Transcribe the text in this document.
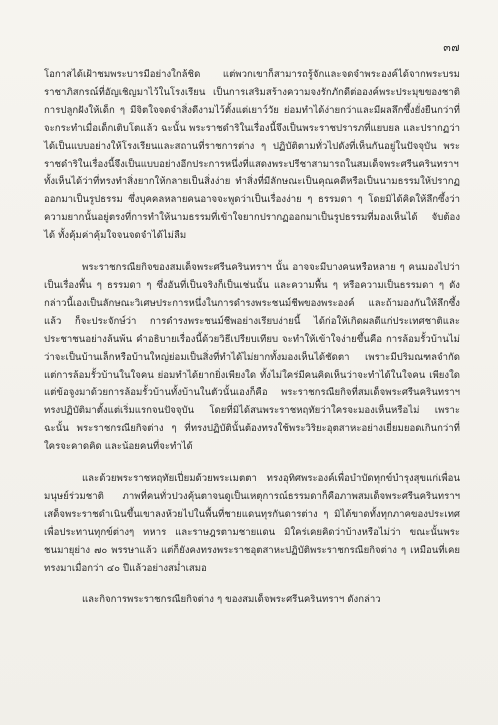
๓๗

โอกาสได้เฝ้าชมพระบารมีอย่างใกล้ชิด แต่พวกเขาก็สามารถรู้จักและจดจำพระองค์ได้จากพระบรมราชาภิสกรณ์ที่อัญเชิญมาไว้ในโรงเรียน เป็นการเสริมสร้างความจงรักภักดีต่อองค์พระประมุขของชาติ การปลูกฝังให้เด็ก ๆ มีจิตใจจดจำสิ่งดีงามไว้ตั้งแต่เยาว์วัย ย่อมทำได้ง่ายกว่าและมีผลลึกซึ้งยั่งยืนกว่าที่จะกระทำเมื่อเด็กเติบโตแล้ว ฉะนั้น พระราชดำริในเรื่องนี้จึงเป็นพระราชปรารภที่แยบยล และปรากฏว่าได้เป็นแบบอย่างให้โรงเรียนและสถานที่ราชการต่าง ๆ ปฏิบัติตามทั่วไปดังที่เห็นกันอยู่ในปัจจุบัน พระราชดำริในเรื่องนี้จึงเป็นแบบอย่างอีกประการหนึ่งที่แสดงพระปรีชาสามารถในสมเด็จพระศรีนครินทราฯ ทั้งเห็นได้ว่าที่ทรงทำสิ่งยากให้กลายเป็นสิ่งง่าย ทำสิ่งที่มีลักษณะเป็นคุณคดีหรือเป็นนามธรรมให้ปรากฏออกมาเป็นรูปธรรม ซึ่งบุคคลหลายคนอาจจะพูดว่าเป็นเรื่องง่าย ๆ ธรรมดา ๆ โดยมิได้คิดให้ลึกซึ้งว่าความยากนั้นอยู่ตรงที่การทำให้นามธรรมที่เข้าใจยากปรากฏออกมาเป็นรูปธรรมที่มองเห็นได้ จับต้องได้ ทั้งคุ้มค่าคุ้มใจจนจดจำได้ไม่ลืม

พระราชกรณียกิจของสมเด็จพระศรีนครินทราฯ นั้น อาจจะมีบางคนหรือหลาย ๆ คนมองไปว่าเป็นเรื่องพื้น ๆ ธรรมดา ๆ ซึ่งอันที่เป็นจริงก็เป็นเช่นนั้น และความพื้น ๆ หรือความเป็นธรรมดา ๆ ดังกล่าวนี้เองเป็นลักษณะวิเศษประการหนึ่งในการดำรงพระชนม์ชีพของพระองค์ และถ้ามองกันให้ลึกซึ้งแล้ว ก็จะประจักษ์ว่า การดำรงพระชนม์ชีพอย่างเรียบง่ายนี้ ได้ก่อให้เกิดผลดีแก่ประเทศชาติและประชาชนอย่างล้นพ้น คำอธิบายเรื่องนี้ด้วยวิธีเปรียบเทียบ จะทำให้เข้าใจง่ายขึ้นคือ การล้อมรั้วบ้านไม่ว่าจะเป็นบ้านเล็กหรือบ้านใหญ่ย่อมเป็นสิ่งที่ทำได้ไม่ยากทั้งมองเห็นได้ชัดตา เพราะมีปริมณฑลจำกัด แต่การล้อมรั้วบ้านในใจคน ย่อมทำได้ยากยิ่งเพียงใด ทั้งไม่ใคร่มีคนคิดเห็นว่าจะทำได้ในใจคน เพียงใด แต่ข้อจูงมาด้วยการล้อมรั้วบ้านทั้งบ้านในตัวนั้นเองก็คือ พระราชกรณียกิจที่สมเด็จพระศรีนครินทราฯ ทรงปฏิบัติมาตั้งแต่เริ่มแรกจนปัจจุบัน โดยที่มิได้สนพระราชหฤทัยว่าใครจะมองเห็นหรือไม่ เพราะฉะนั้น พระราชกรณียกิจต่าง ๆ ที่ทรงปฏิบัตินั้นต้องทรงใช้พระวิริยะอุตสาหะอย่างเยี่ยมยอดเกินกว่าที่ใครจะคาดคิด และน้อยคนที่จะทำได้

และด้วยพระราชหฤทัยเปี่ยมด้วยพระเมตตา ทรงอุทิศพระองค์เพื่อบำบัดทุกข์บำรุงสุขแก่เพื่อนมนุษย์ร่วมชาติ ภาพที่คนทั่วปวงคุ้นตาจนดูเป็นเหตุการณ์ธรรมดาก็คือภาพสมเด็จพระศรีนครินทราฯ เสด็จพระราชดำเนินขึ้นเขาลงห้วยไปในพื้นที่ชายแดนทุรกันดารต่าง ๆ มิได้ขาดทั้งทุกภาคของประเทศเพื่อประทานทุกข์ต่างๆ ทหาร และราษฎรตามชายแดน มิใคร่เคยคิดว่าบ้างหรือไม่ว่า ขณะนั้นพระชนมายุย่าง ๗๐ พรรษาแล้ว แต่ก็ยังคงทรงพระราชอุตสาหะปฏิบัติพระราชกรณียกิจต่าง ๆ เหมือนที่เคยทรงมาเมื่อกว่า ๔๐ ปีแล้วอย่างสม่ำเสมอ

และกิจการพระราชกรณียกิจต่าง ๆ ของสมเด็จพระศรีนครินทราฯ ดังกล่าว
